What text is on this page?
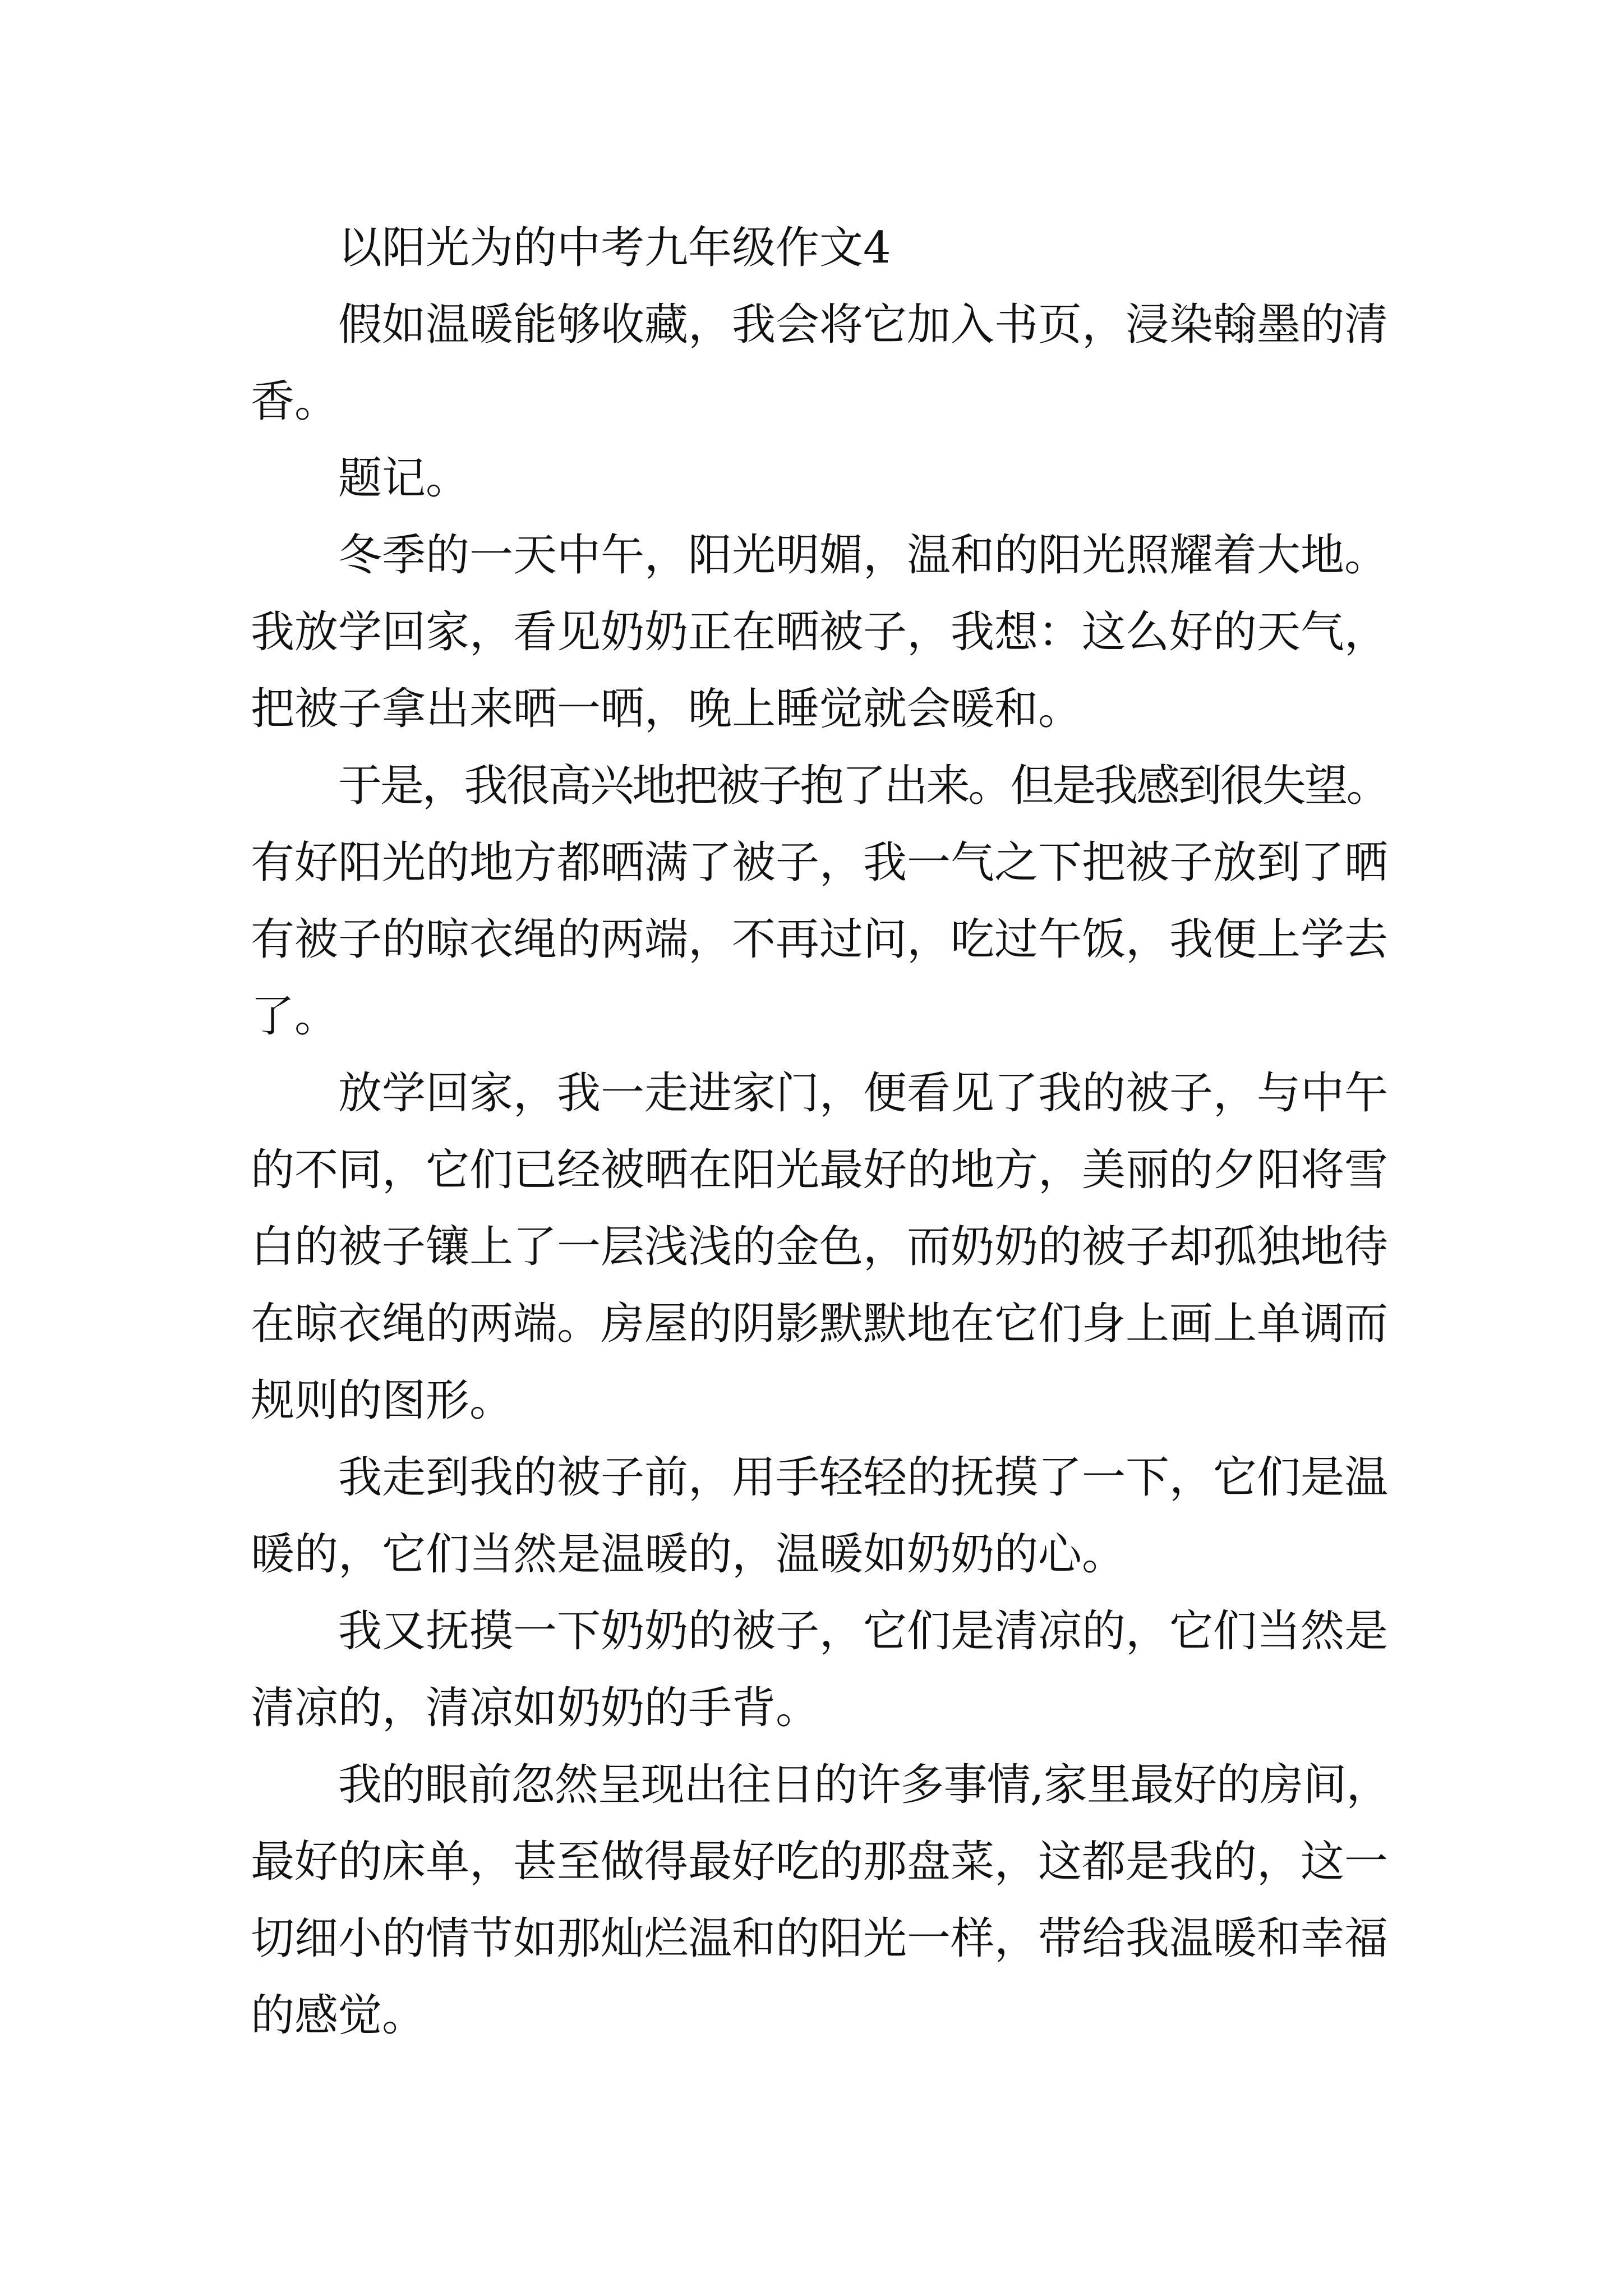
以阳光为的中考九年级作文4
假如温暖能够收藏，我会将它加入书页，浸染翰墨的清
香。
题记。
冬季的一天中午，阳光明媚，温和的阳光照耀着大地。
我放学回家，看见奶奶正在晒被子，我想：这么好的天气，
把被子拿出来晒一晒，晚上睡觉就会暖和。
于是，我很高兴地把被子抱了出来。但是我感到很失望。
有好阳光的地方都晒满了被子，我一气之下把被子放到了晒
有被子的晾衣绳的两端，不再过问，吃过午饭，我便上学去
了。
放学回家，我一走进家门，便看见了我的被子，与中午
的不同，它们已经被晒在阳光最好的地方，美丽的夕阳将雪
白的被子镶上了一层浅浅的金色，而奶奶的被子却孤独地待
在晾衣绳的两端。房屋的阴影默默地在它们身上画上单调而
规则的图形。
我走到我的被子前，用手轻轻的抚摸了一下，它们是温
暖的，它们当然是温暖的，温暖如奶奶的心。
我又抚摸一下奶奶的被子，它们是清凉的，它们当然是
清凉的，清凉如奶奶的手背。
我的眼前忽然呈现出往日的许多事情,家里最好的房间，
最好的床单，甚至做得最好吃的那盘菜，这都是我的，这一
切细小的情节如那灿烂温和的阳光一样，带给我温暖和幸福
的感觉。
